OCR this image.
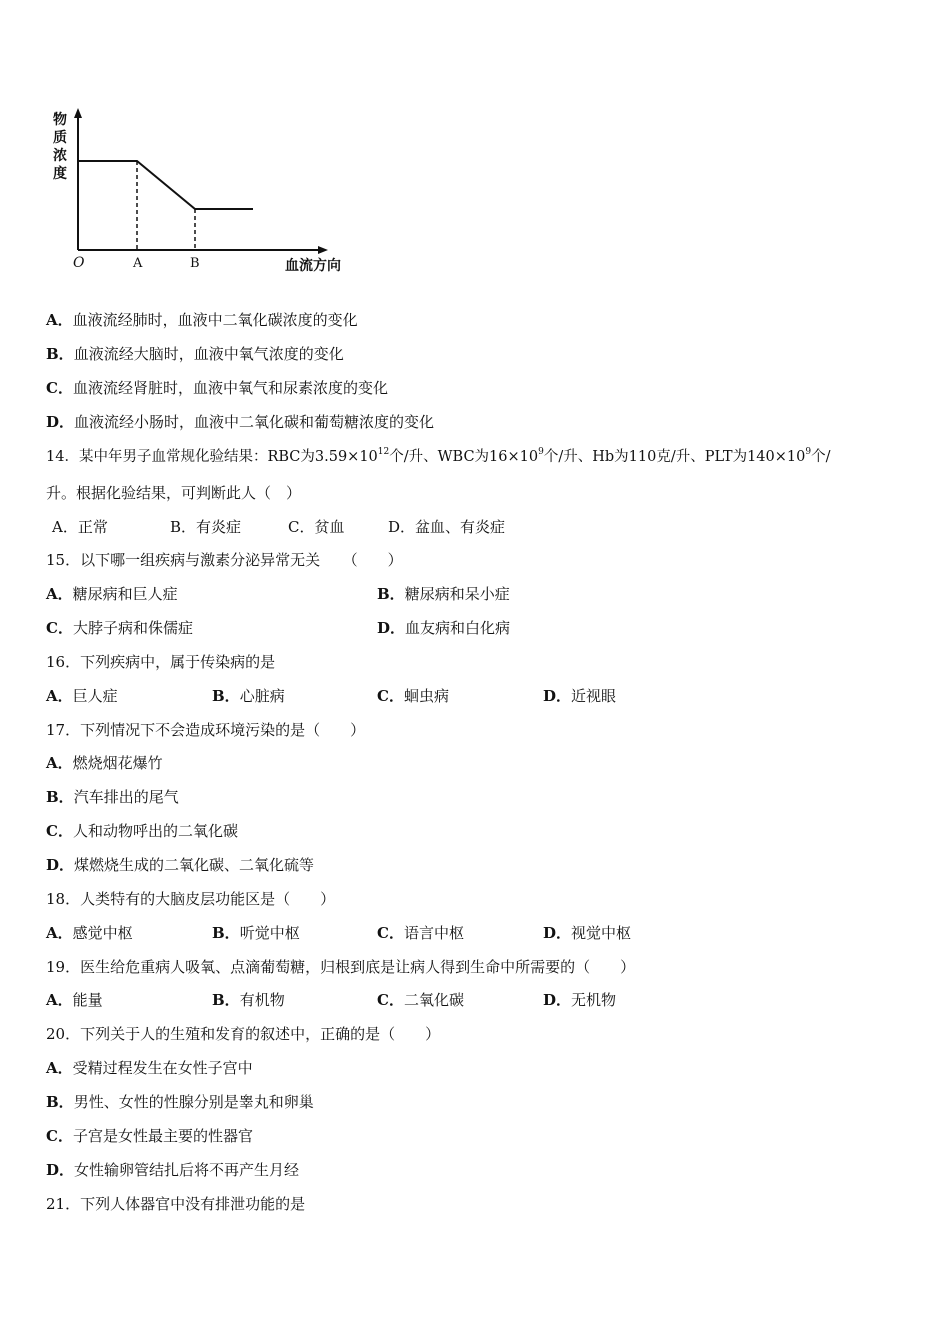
物
质
浓
度
O	A	B	血流方向
A．血液流经肺时，血液中二氧化碳浓度的变化
B．血液流经大脑时，血液中氧气浓度的变化
C．血液流经肾脏时，血液中氧气和尿素浓度的变化
D．血液流经小肠时，血液中二氧化碳和葡萄糖浓度的变化
14．某中年男子血常规化验结果：RBC为$3.59\times 10^{12}$个/升、WBC为$16\times 10^9$个/升、Hb为110克/升、PLT为$140\times 10^9$个/
升。根据化验结果，可判断此人（　）
A．正常	B．有炎症	C．贫血	D．盆血、有炎症
15．以下哪一组疾病与激素分泌异常无关　　（　　）
A．糖尿病和巨人症	B．糖尿病和呆小症
C．大脖子病和侏儒症	D．血友病和白化病
16．下列疾病中，属于传染病的是
A．巨人症	B．心脏病	C．蛔虫病	D．近视眼
17．下列情况下不会造成环境污染的是（　　）
A．燃烧烟花爆竹
B．汽车排出的尾气
C．人和动物呼出的二氧化碳
D．煤燃烧生成的二氧化碳、二氧化硫等
18．人类特有的大脑皮层功能区是（　　）
A．感觉中枢	B．听觉中枢	C．语言中枢	D．视觉中枢
19．医生给危重病人吸氧、点滴葡萄糖，归根到底是让病人得到生命中所需要的（　　）
A．能量	B．有机物	C．二氧化碳	D．无机物
20．下列关于人的生殖和发育的叙述中，正确的是（　　）
A．受精过程发生在女性子宫中
B．男性、女性的性腺分别是睾丸和卵巢
C．子宫是女性最主要的性器官
D．女性输卵管结扎后将不再产生月经
21．下列人体器官中没有排泄功能的是
